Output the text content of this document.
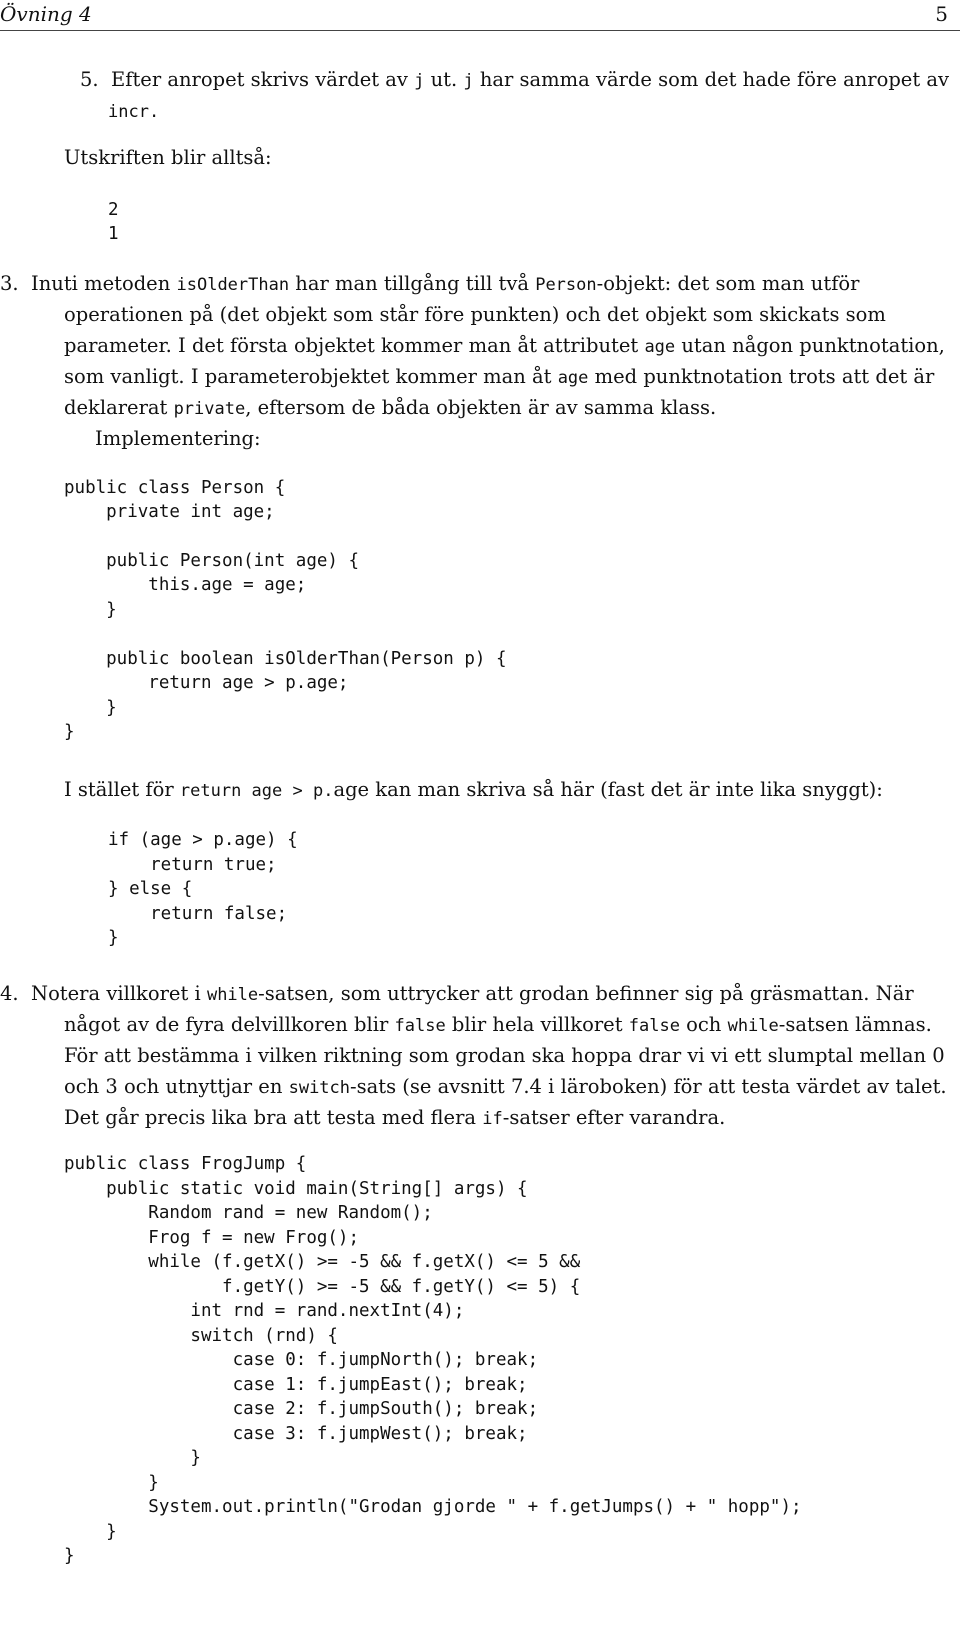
Övning 4	5
5.  Efter anropet skrivs värdet av j ut. j har samma värde som det hade före anropet av
incr.
Utskriften blir alltså:
2
1
3.  Inuti metoden isOlderThan har man tillgång till två Person-objekt: det som man utför
operationen på (det objekt som står före punkten) och det objekt som skickats som
parameter. I det första objektet kommer man åt attributet age utan någon punktnotation,
som vanligt. I parameterobjektet kommer man åt age med punktnotation trots att det är
deklarerat private, eftersom de båda objekten är av samma klass.
Implementering:
public class Person {
private int age;
public Person(int age) {
this.age = age;
}
public boolean isOlderThan(Person p) {
return age > p.age;
}
}
I stället för return age > p.age kan man skriva så här (fast det är inte lika snyggt):
if (age > p.age) {
return true;
} else {
return false;
}
4.  Notera villkoret i while-satsen, som uttrycker att grodan befinner sig på gräsmattan. När
något av de fyra delvillkoren blir false blir hela villkoret false och while-satsen lämnas.
För att bestämma i vilken riktning som grodan ska hoppa drar vi vi ett slumptal mellan 0
och 3 och utnyttjar en switch-sats (se avsnitt 7.4 i läroboken) för att testa värdet av talet.
Det går precis lika bra att testa med flera if-satser efter varandra.
public class FrogJump {
public static void main(String[] args) {
Random rand = new Random();
Frog f = new Frog();
while (f.getX() >= -5 && f.getX() <= 5 &&
f.getY() >= -5 && f.getY() <= 5) {
int rnd = rand.nextInt(4);
switch (rnd) {
case 0: f.jumpNorth(); break;
case 1: f.jumpEast(); break;
case 2: f.jumpSouth(); break;
case 3: f.jumpWest(); break;
}
}
System.out.println("Grodan gjorde " + f.getJumps() + " hopp");
}
}
